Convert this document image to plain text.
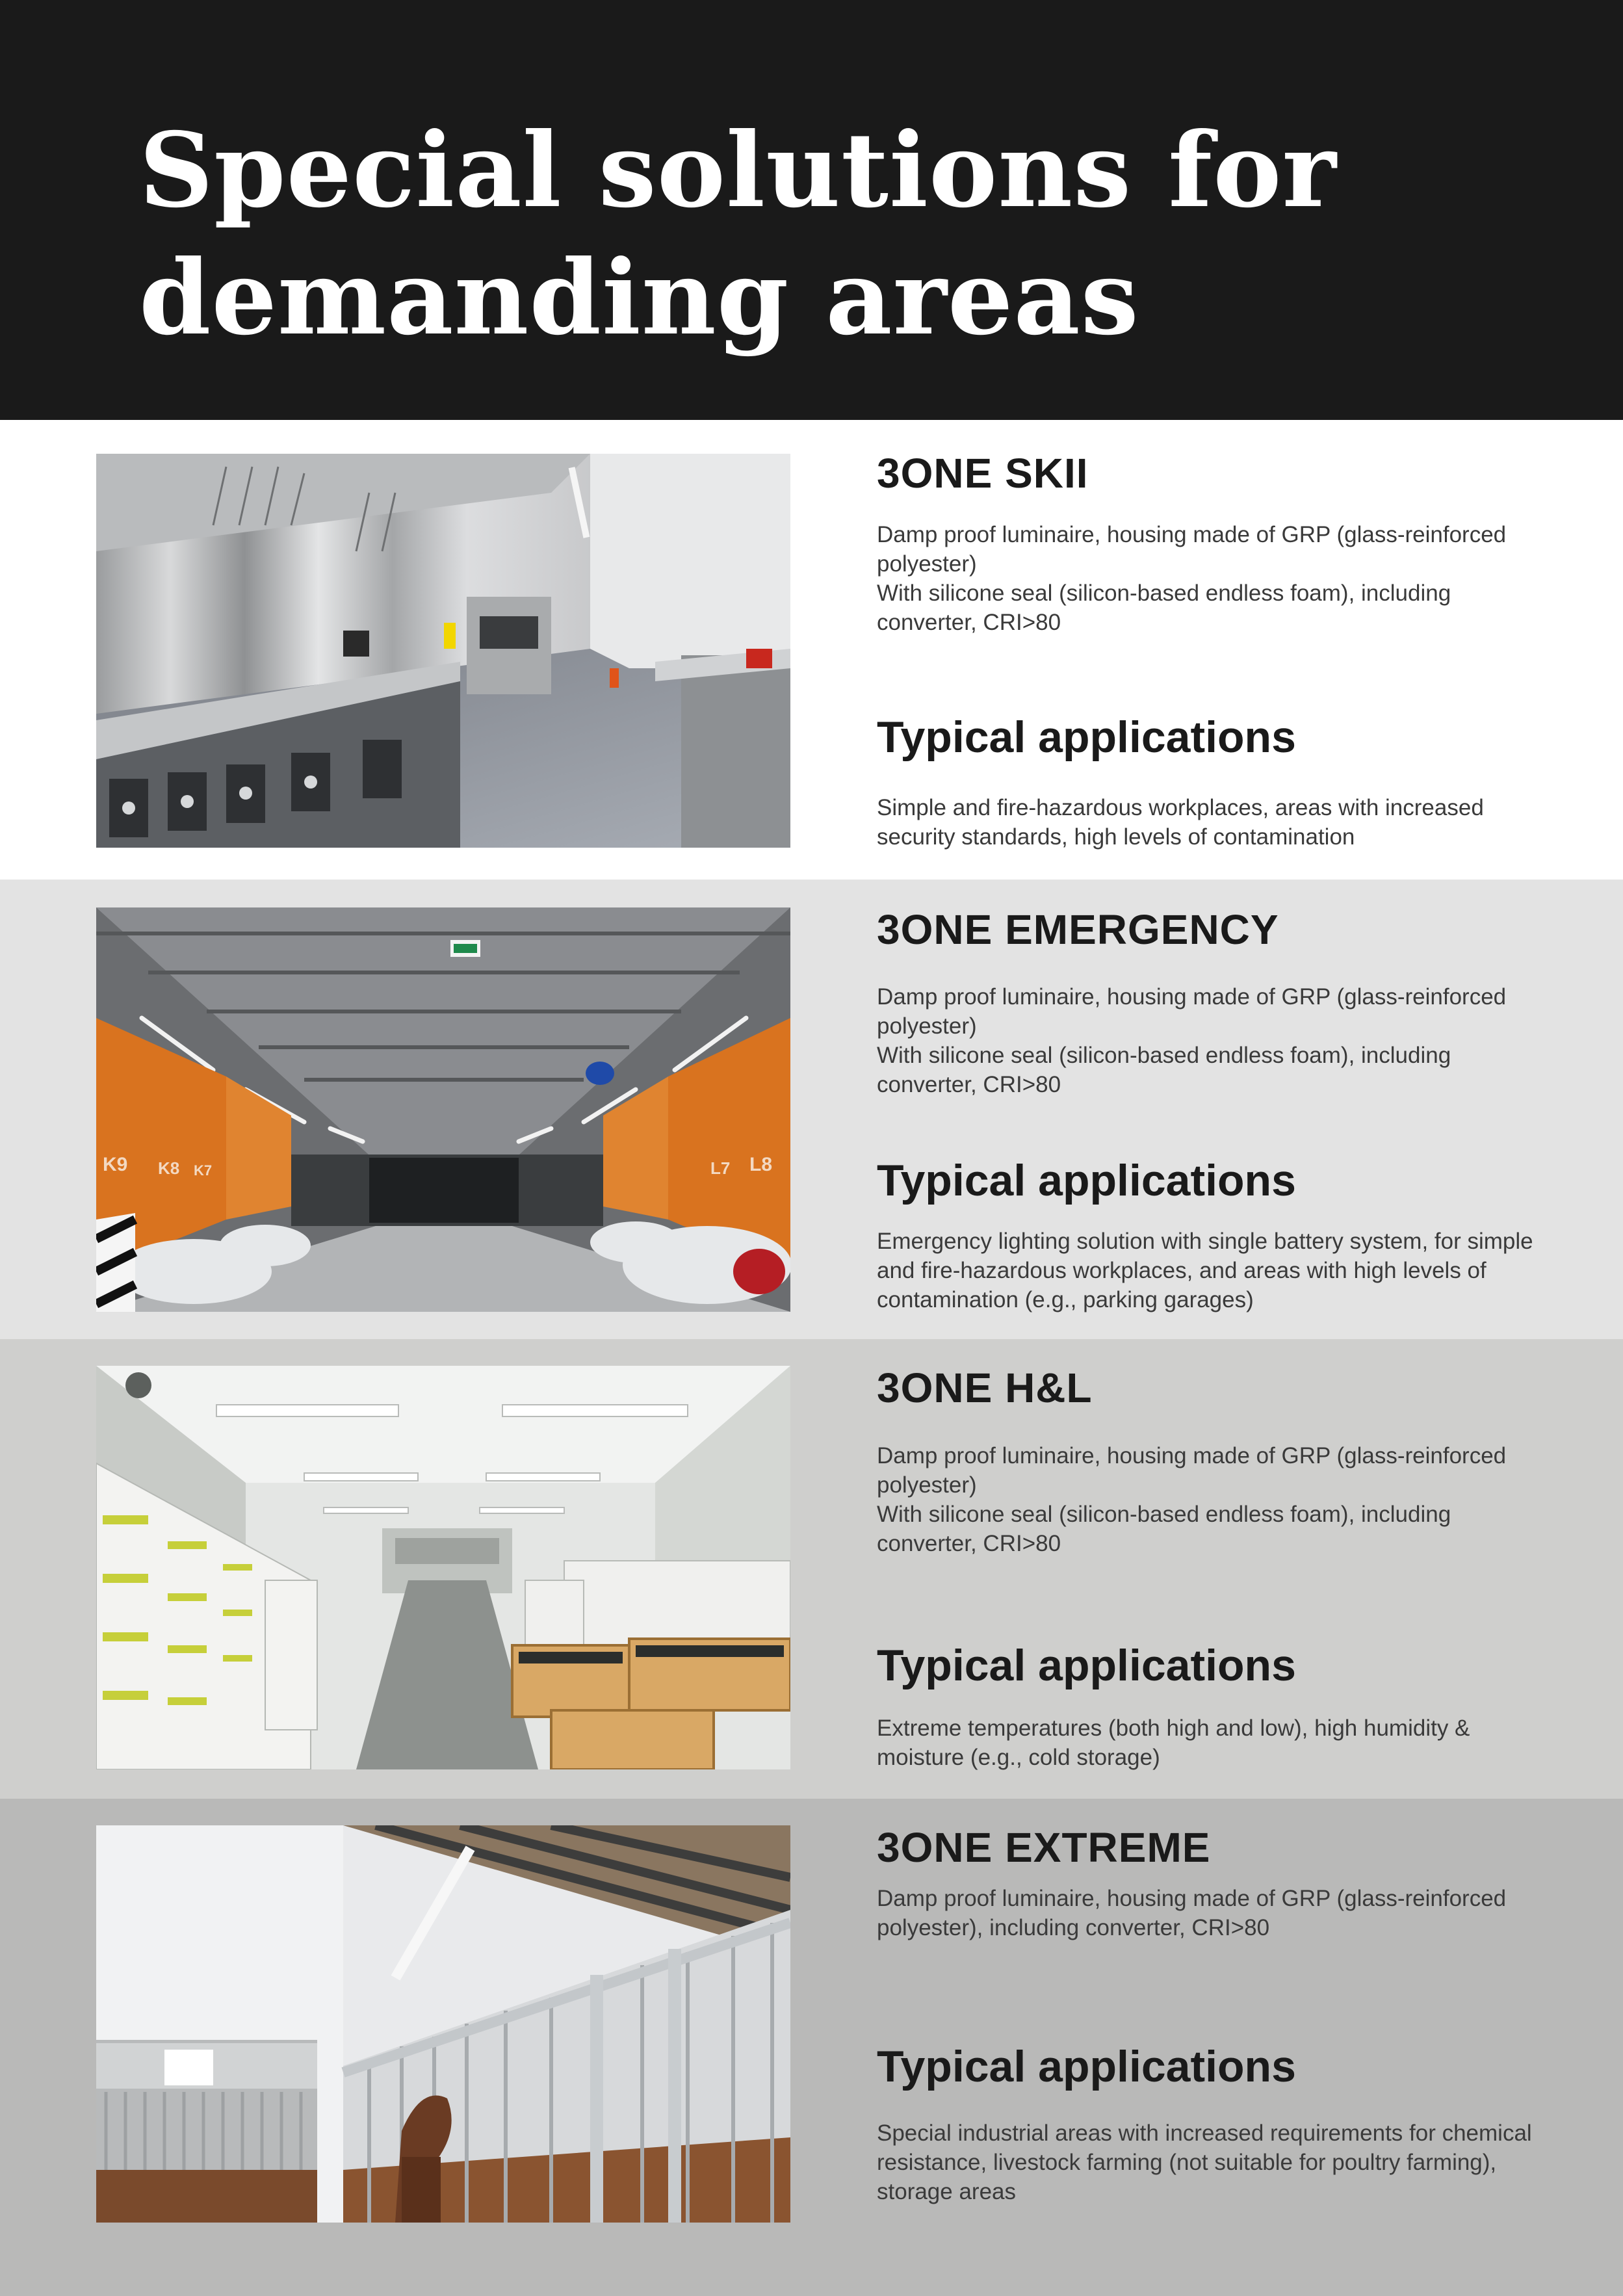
Special solutions for
demanding areas
3ONE SKII
Damp proof luminaire, housing made of GRP (glass-reinforced polyester)
With silicone seal (silicon-based endless foam), including converter, CRI>80
Typical applications
Simple and fire-hazardous workplaces, areas with increased security standards, high levels of contamination
K9 K8 K7	L7 L8
3ONE EMERGENCY
Damp proof luminaire, housing made of GRP (glass-reinforced polyester)
With silicone seal (silicon-based endless foam), including converter, CRI>80
Typical applications
Emergency lighting solution with single battery system, for simple and fire-hazardous workplaces, and areas with high levels of contamination (e.g., parking garages)
3ONE H&L
Damp proof luminaire, housing made of GRP (glass-reinforced polyester)
With silicone seal (silicon-based endless foam), including converter, CRI>80
Typical applications
Extreme temperatures (both high and low), high humidity & moisture (e.g., cold storage)
3ONE EXTREME
Damp proof luminaire, housing made of GRP (glass-reinforced polyester), including converter, CRI>80
Typical applications
Special industrial areas with increased requirements for chemical resistance, livestock farming (not suitable for poultry farming), storage areas
